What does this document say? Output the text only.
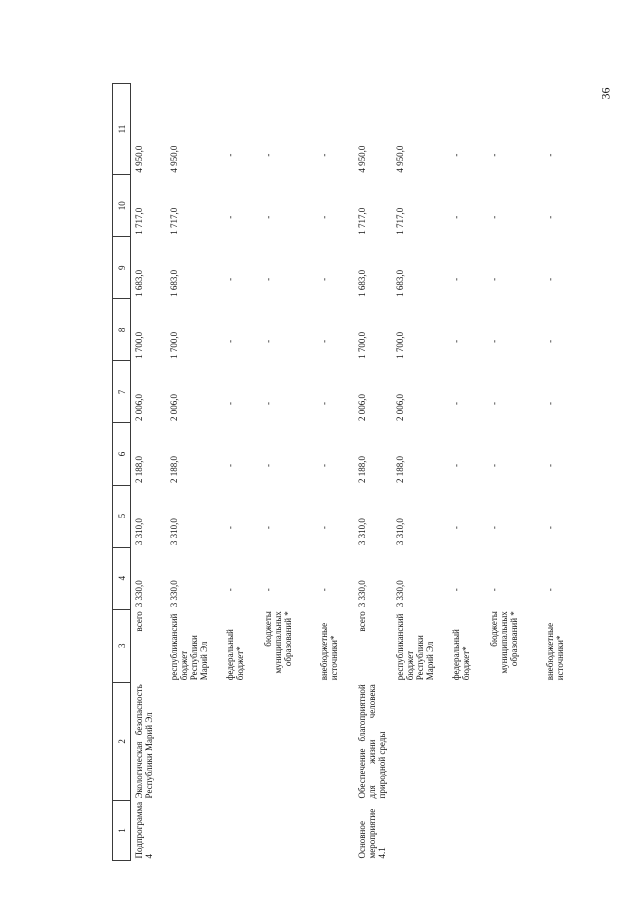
36
1	2	3	4	5	6	7	8	9	10	11
Подпрограмма 4	Экологическая безопасность Республики Марий Эл	всего	3 330,0	3 310,0	2 188,0	2 006,0	1 700,0	1 683,0	1 717,0	4 950,0
		республиканский бюджет Республики Марий Эл	3 330,0	3 310,0	2 188,0	2 006,0	1 700,0	1 683,0	1 717,0	4 950,0
		федеральный бюджет*	-	-	-	-	-	-	-	-
		бюджеты муниципальных образований *	-	-	-	-	-	-	-	-
		внебюджетные источники*	-	-	-	-	-	-	-	-
Основное мероприятие 4.1	Обеспечение благоприятной для жизни человека природной среды	всего	3 330,0	3 310,0	2 188,0	2 006,0	1 700,0	1 683,0	1 717,0	4 950,0
		республиканский бюджет Республики Марий Эл	3 330,0	3 310,0	2 188,0	2 006,0	1 700,0	1 683,0	1 717,0	4 950,0
		федеральный бюджет*	-	-	-	-	-	-	-	-
		бюджеты муниципальных образований *	-	-	-	-	-	-	-	-
		внебюджетные источники*	-	-	-	-	-	-	-	-
